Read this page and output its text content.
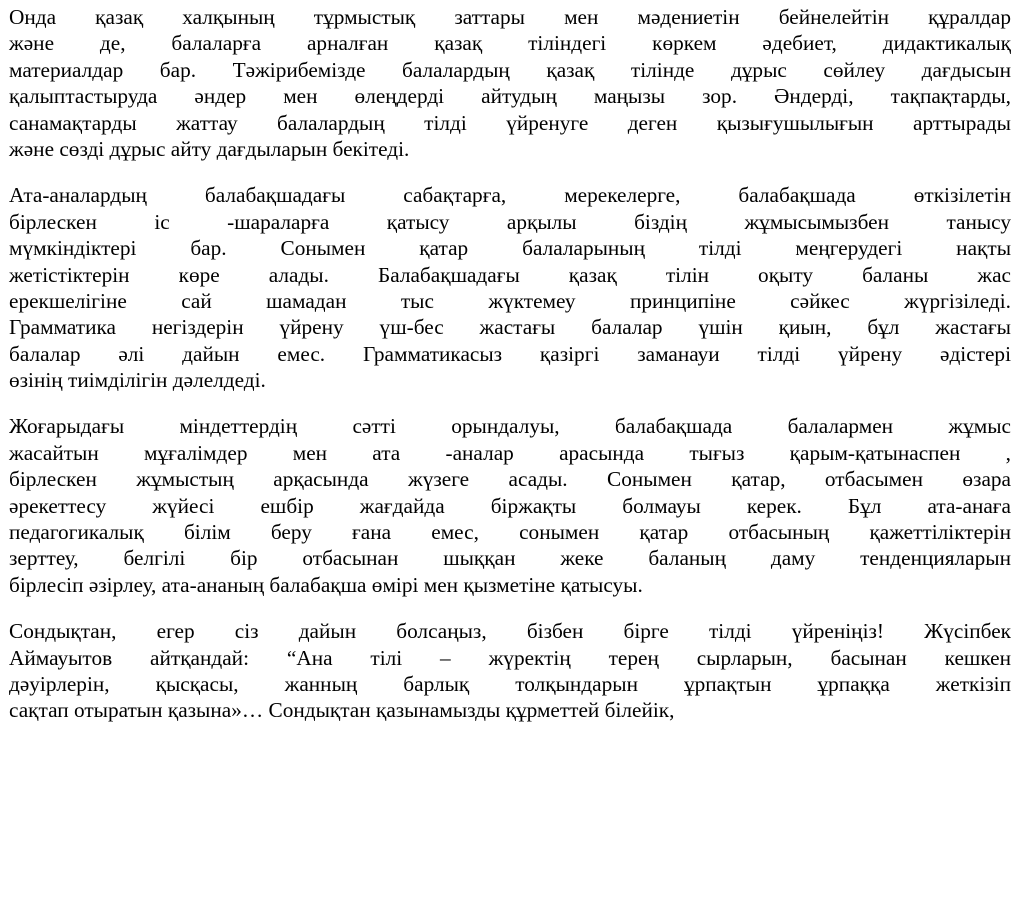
Онда қазақ халқының тұрмыстық заттары мен мәдениетін бейнелейтін құралдар
және де, балаларға арналған қазақ тіліндегі көркем әдебиет, дидактикалық
материалдар бар. Тәжірибемізде балалардың қазақ тілінде дұрыс сөйлеу дағдысын
қалыптастыруда әндер мен өлеңдерді айтудың маңызы зор. Әндерді, тақпақтарды,
санамақтарды жаттау балалардың тілді үйренуге деген қызығушылығын арттырады
және сөзді дұрыс айту дағдыларын бекітеді.
Ата-аналардың балабақшадағы сабақтарға, мерекелерге, балабақшада өткізілетін
бірлескен іс -шараларға қатысу арқылы біздің жұмысымызбен танысу
мүмкіндіктері бар. Сонымен қатар балаларының тілді меңгерудегі нақты
жетістіктерін көре алады. Балабақшадағы қазақ тілін оқыту баланы жас
ерекшелігіне сай шамадан тыс жүктемеу принципіне сәйкес жүргізіледі.
Грамматика негіздерін үйрену үш-бес жастағы балалар үшін қиын, бұл жастағы
балалар әлі дайын емес. Грамматикасыз қазіргі заманауи тілді үйрену әдістері
өзінің тиімділігін дәлелдеді.
Жоғарыдағы міндеттердің сәтті орындалуы, балабақшада балалармен жұмыс
жасайтын мұғалімдер мен ата -аналар арасында тығыз қарым-қатынаспен ,
бірлескен жұмыстың арқасында жүзеге асады. Сонымен қатар, отбасымен өзара
әрекеттесу жүйесі ешбір жағдайда біржақты болмауы керек. Бұл ата-анаға
педагогикалық білім беру ғана емес, сонымен қатар отбасының қажеттіліктерін
зерттеу, белгілі бір отбасынан шыққан жеке баланың даму тенденцияларын
бірлесіп әзірлеу, ата-ананың балабақша өмірі мен қызметіне қатысуы.
Сондықтан, егер сіз дайын болсаңыз, бізбен бірге тілді үйреніңіз! Жүсіпбек
Аймауытов айтқандай: “Ана тілі – жүректің терең сырларын, басынан кешкен
дәуірлерін, қысқасы, жанның барлық толқындарын ұрпақтын ұрпаққа жеткізіп
сақтап отыратын қазына»… Сондықтан қазынамызды құрметтей білейік,
